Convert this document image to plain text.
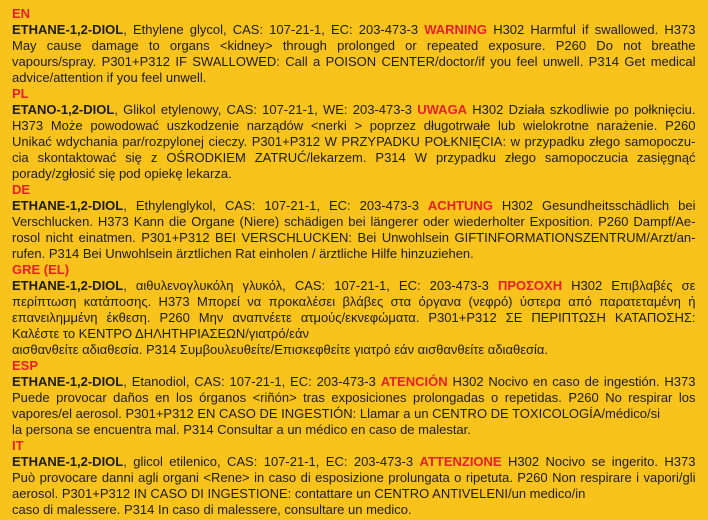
EN
ETHANE-1,2-DIOL, Ethylene glycol, CAS: 107-21-1, EC: 203-473-3 WARNING H302 Harmful if swallowed. H373
May cause damage to organs <kidney> through prolonged or repeated exposure. P260 Do not breathe
vapours/spray. P301+P312 IF SWALLOWED: Call a POISON CENTER/doctor/if you feel unwell. P314 Get medical
advice/attention if you feel unwell.
PL
ETANO-1,2-DIOL, Glikol etylenowy, CAS: 107-21-1, WE: 203-473-3 UWAGA H302 Działa szkodliwie po połknięciu.
H373 Może powodować uszkodzenie narządów <nerki > poprzez długotrwałe lub wielokrotne narażenie. P260
Unikać wdychania par/rozpylonej cieczy. P301+P312 W PRZYPADKU POŁKNIĘCIA: w przypadku złego samopoczu-
cia skontaktować się z OŚRODKIEM ZATRUĆ/lekarzem. P314 W przypadku złego samopoczucia zasięgnąć
porady/zgłosić się pod opiekę lekarza.
DE
ETHANE-1,2-DIOL, Ethylenglykol, CAS: 107-21-1, EC: 203-473-3 ACHTUNG H302 Gesundheitsschädlich bei
Verschlucken. H373 Kann die Organe (Niere) schädigen bei längerer oder wiederholter Exposition. P260 Dampf/Ae-
rosol nicht einatmen. P301+P312 BEI VERSCHLUCKEN: Bei Unwohlsein GIFTINFORMATIONSZENTRUM/Arzt/an-
rufen. P314 Bei Unwohlsein ärztlichen Rat einholen / ärztliche Hilfe hinzuziehen.
GRE (EL)
ETHANE-1,2-DIOL, αιθυλενογλυκόλη γλυκόλ, CAS: 107-21-1, EC: 203-473-3 ΠΡΟΣΟΧΗ H302 Επιβλαβές σε
περίπτωση κατάποσης. H373 Μπορεί να προκαλέσει βλάβες στα όργανα (νεφρό) ύστερα από παρατεταμένη ή
επανειλημμένη έκθεση. P260 Μην αναπνέετε ατμούς/εκνεφώματα. P301+P312 ΣΕ ΠΕΡΙΠΤΩΣΗ ΚΑΤΑΠΟΣΗΣ:
Καλέστε το ΚΕΝΤΡΟ ΔΗΛΗΤΗΡΙΑΣΕΩΝ/γιατρό/εάν
αισθανθείτε αδιαθεσία. P314 Συμβουλευθείτε/Επισκεφθείτε γιατρό εάν αισθανθείτε αδιαθεσία.
ESP
ETHANE-1,2-DIOL, Etanodiol, CAS: 107-21-1, EC: 203-473-3 ATENCIÓN H302 Nocivo en caso de ingestión. H373
Puede provocar daños en los órganos <riñón> tras exposiciones prolongadas o repetidas. P260 No respirar los
vapores/el aerosol. P301+P312 EN CASO DE INGESTIÓN: Llamar a un CENTRO DE TOXICOLOGÍA/médico/si
la persona se encuentra mal. P314 Consultar a un médico en caso de malestar.
IT
ETHANE-1,2-DIOL, glicol etilenico, CAS: 107-21-1, EC: 203-473-3 ATTENZIONE H302 Nocivo se ingerito. H373
Può provocare danni agli organi <Rene> in caso di esposizione prolungata o ripetuta. P260 Non respirare i vapori/gli
aerosol. P301+P312 IN CASO DI INGESTIONE: contattare un CENTRO ANTIVELENI/un medico/in
caso di malessere. P314 In caso di malessere, consultare un medico.
